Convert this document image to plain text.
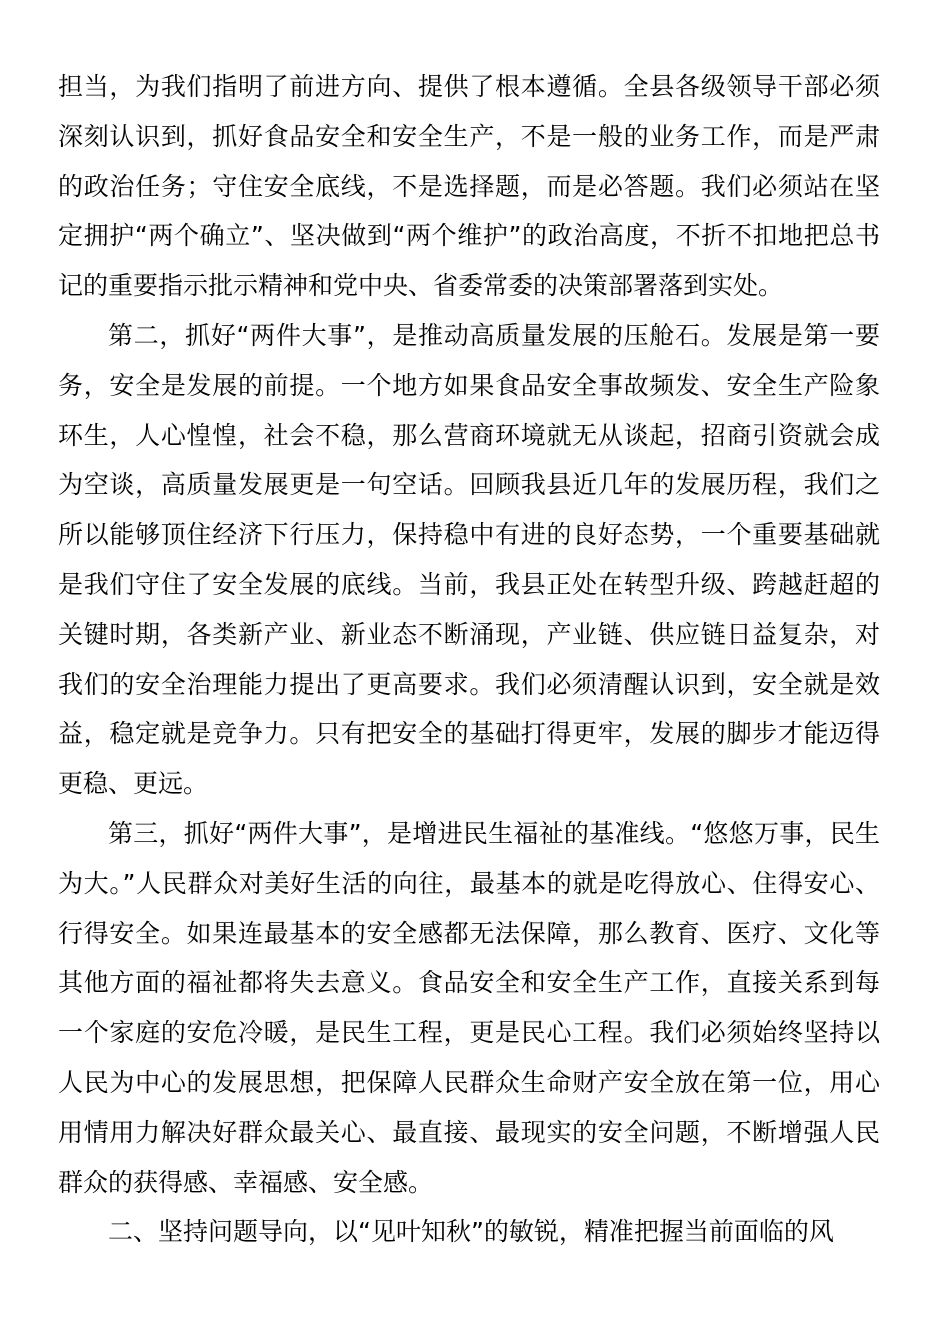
担当，为我们指明了前进方向、提供了根本遵循。全县各级领导干部必须深刻认识到，抓好食品安全和安全生产，不是一般的业务工作，而是严肃的政治任务；守住安全底线，不是选择题，而是必答题。我们必须站在坚定拥护“两个确立”、坚决做到“两个维护”的政治高度，不折不扣地把总书记的重要指示批示精神和党中央、省委常委的决策部署落到实处。

第二，抓好“两件大事”，是推动高质量发展的压舱石。发展是第一要务，安全是发展的前提。一个地方如果食品安全事故频发、安全生产险象环生，人心惶惶，社会不稳，那么营商环境就无从谈起，招商引资就会成为空谈，高质量发展更是一句空话。回顾我县近几年的发展历程，我们之所以能够顶住经济下行压力，保持稳中有进的良好态势，一个重要基础就是我们守住了安全发展的底线。当前，我县正处在转型升级、跨越赶超的关键时期，各类新产业、新业态不断涌现，产业链、供应链日益复杂，对我们的安全治理能力提出了更高要求。我们必须清醒认识到，安全就是效益，稳定就是竞争力。只有把安全的基础打得更牢，发展的脚步才能迈得更稳、更远。

第三，抓好“两件大事”，是增进民生福祉的基准线。“悠悠万事，民生为大。”人民群众对美好生活的向往，最基本的就是吃得放心、住得安心、行得安全。如果连最基本的安全感都无法保障，那么教育、医疗、文化等其他方面的福祉都将失去意义。食品安全和安全生产工作，直接关系到每一个家庭的安危冷暖，是民生工程，更是民心工程。我们必须始终坚持以人民为中心的发展思想，把保障人民群众生命财产安全放在第一位，用心用情用力解决好群众最关心、最直接、最现实的安全问题，不断增强人民群众的获得感、幸福感、安全感。

二、坚持问题导向，以“见叶知秋”的敏锐，精准把握当前面临的风
